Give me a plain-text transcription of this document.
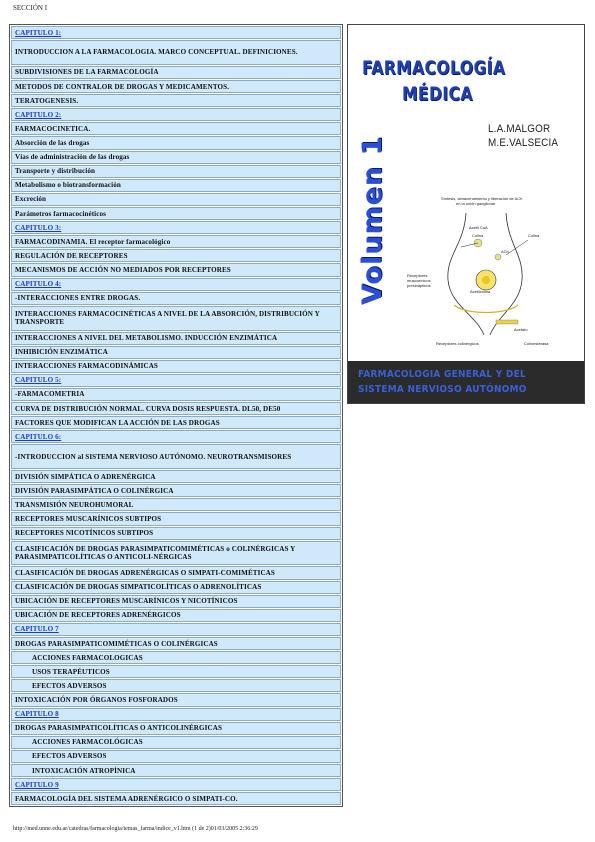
SECCIÓN I
CAPITULO 1:
INTRODUCCION A LA FARMACOLOGIA. MARCO CONCEPTUAL. DEFINICIONES.
SUBDIVISIONES DE LA FARMACOLOGÍA
METODOS DE CONTRALOR DE DROGAS Y MEDICAMENTOS.
TERATOGENESIS.
CAPITULO 2:
FARMACOCINETICA.
Absorción de las drogas
Vías de administración de las drogas
Transporte y distribución
Metabolismo o biotransformación
Excreción
Parámetros farmacocinéticos
CAPITULO 3:
FARMACODINAMIA. El receptor farmacológico
REGULACIÓN DE RECEPTORES
MECANISMOS DE ACCIÓN NO MEDIADOS POR RECEPTORES
CAPITULO 4:
-INTERACCIONES ENTRE DROGAS.
INTERACCIONES FARMACOCINÉTICAS A NIVEL DE LA ABSORCIÓN, DISTRIBUCIÓN Y TRANSPORTE
INTERACCIONES A NIVEL DEL METABOLISMO. INDUCCIÓN ENZIMÁTICA
INHIBICIÓN ENZIMÁTICA
INTERACCIONES FARMACODINÁMICAS
CAPITULO 5:
-FARMACOMETRIA
CURVA DE DISTRIBUCIÓN NORMAL. CURVA DOSIS RESPUESTA. DL50, DE50
FACTORES QUE MODIFICAN LA ACCIÓN DE LAS DROGAS
CAPITULO 6:
-INTRODUCCION al SISTEMA NERVIOSO AUTÓNOMO. NEUROTRANSMISORES
DIVISIÓN SIMPÁTICA O ADRENÉRGICA
DIVISIÓN PARASIMPÁTICA O COLINÉRGICA
TRANSMISIÓN NEUROHUMORAL
RECEPTORES MUSCARÍNICOS SUBTIPOS
RECEPTORES NICOTÍNICOS SUBTIPOS
CLASIFICACIÓN DE DROGAS PARASIMPATICOMIMÉTICAS o COLINÉRGICAS Y PARASIMPATICOLÍTICAS O ANTICOLI-NÉRGICAS
CLASIFICACIÓN DE DROGAS ADRENÉRGICAS O SIMPATI-COMIMÉTICAS
CLASIFICACIÓN DE DROGAS SIMPATICOLÍTICAS O ADRENOLÍTICAS
UBICACIÓN DE RECEPTORES MUSCARÍNICOS Y NICOTÍNICOS
UBICACIÓN DE RECEPTORES ADRENÉRGICOS
CAPITULO 7
DROGAS PARASIMPATICOMIMÉTICAS O COLINÉRGICAS
ACCIONES FARMACOLOGICAS
USOS TERAPÉUTICOS
EFECTOS ADVERSOS
INTOXICACIÓN POR ÓRGANOS FOSFORADOS
CAPITULO 8
DROGAS PARASIMPATICOLÍTICAS O ANTICOLINÉRGICAS
ACCIONES FARMACOLÓGICAS
EFECTOS ADVERSOS
INTOXICACIÓN ATROPÍNICA
CAPITULO 9
FARMACOLOGÍA DEL SISTEMA ADRENÉRGICO O SIMPATI-CO.
FARMACOLOGÍA
MÉDICA
L.A.MALGOR
M.E.VALSECIA
Volumen 1	Síntesis, almacenamiento y liberación de ACh
en la unión ganglionar
Acetil CoA
Colina	Colina
ACh
Acetilcolina
Receptores
muscarínicos
presinápticos
Acetato
Receptores colinérgicos	Colinesterasa
FARMACOLOGIA GENERAL Y DEL
SISTEMA NERVIOSO AUTÓNOMO
http://med.unne.edu.ar/catedras/farmacologia/temas_farma/indice_v1.htm (1 de 2)01/03/2005 2:36:29
